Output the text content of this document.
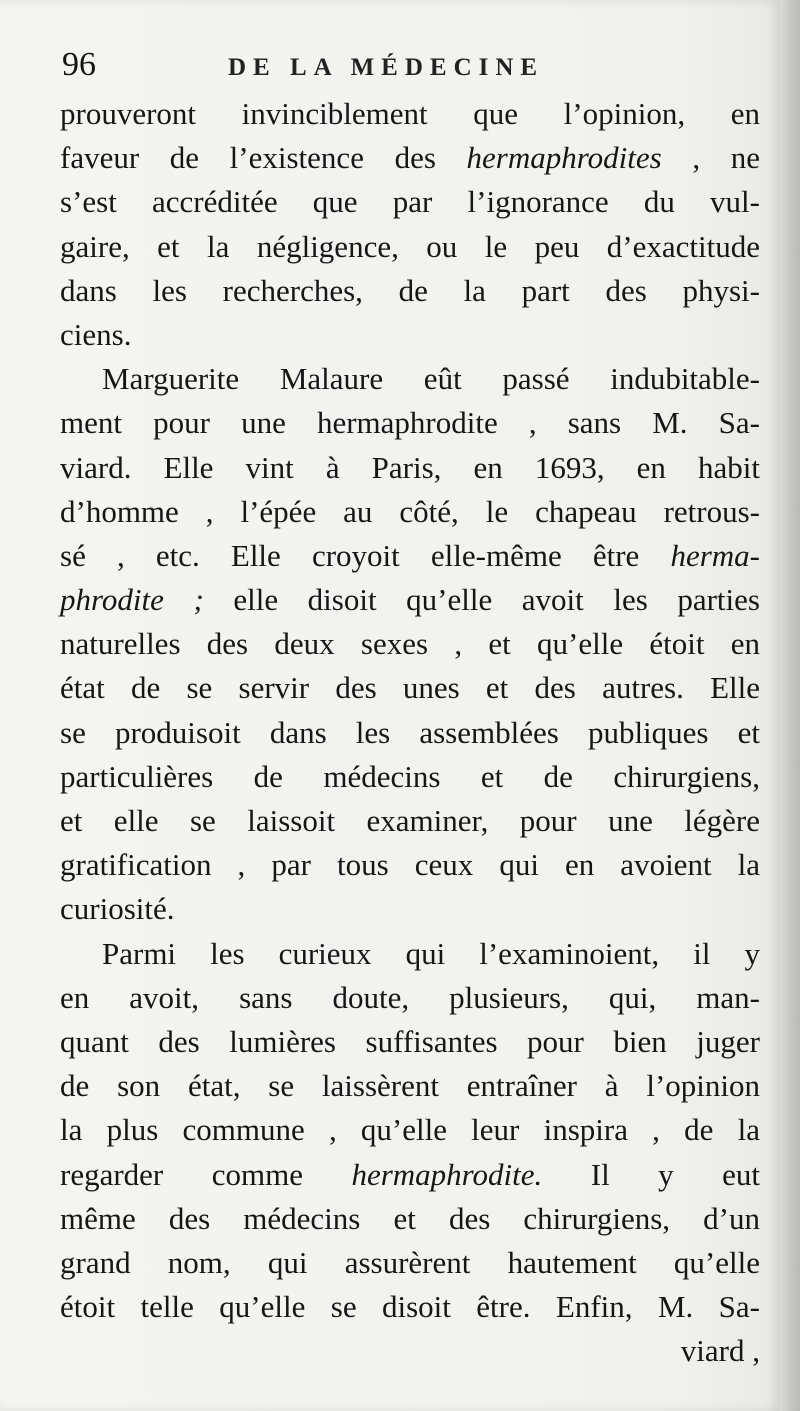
96	DE LA MÉDECINE
prouveront invinciblement que l’opinion, en
faveur de l’existence des hermaphrodites , ne
s’est accréditée que par l’ignorance du vul-
gaire, et la négligence, ou le peu d’exactitude
dans les recherches, de la part des physi-
ciens.
Marguerite Malaure eût passé indubitable-
ment pour une hermaphrodite , sans M. Sa-
viard. Elle vint à Paris, en 1693, en habit
d’homme , l’épée au côté, le chapeau retrous-
sé , etc. Elle croyoit elle-même être herma-
phrodite ; elle disoit qu’elle avoit les parties
naturelles des deux sexes , et qu’elle étoit en
état de se servir des unes et des autres. Elle
se produisoit dans les assemblées publiques et
particulières de médecins et de chirurgiens,
et elle se laissoit examiner, pour une légère
gratification , par tous ceux qui en avoient la
curiosité.
Parmi les curieux qui l’examinoient, il y
en avoit, sans doute, plusieurs, qui, man-
quant des lumières suffisantes pour bien juger
de son état, se laissèrent entraîner à l’opinion
la plus commune , qu’elle leur inspira , de la
regarder comme hermaphrodite. Il y eut
même des médecins et des chirurgiens, d’un
grand nom, qui assurèrent hautement qu’elle
étoit telle qu’elle se disoit être. Enfin, M. Sa-
viard ,
